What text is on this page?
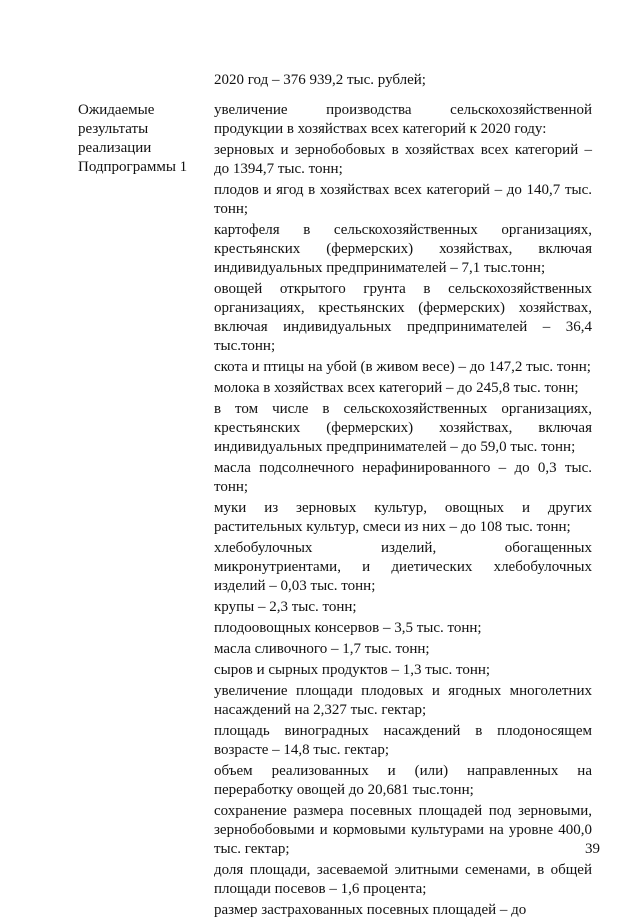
2020 год – 376 939,2 тыс. рублей;
Ожидаемые
результаты
реализации
Подпрограммы 1

увеличение производства сельскохозяйственной продукции в хозяйствах всех категорий к 2020 году:

зерновых и зернобобовых в хозяйствах всех категорий – до 1394,7 тыс. тонн;

плодов и ягод в хозяйствах всех категорий – до 140,7 тыс. тонн;

картофеля в сельскохозяйственных организациях, крестьянских (фермерских) хозяйствах, включая индивидуальных предпринимателей – 7,1 тыс.тонн;

овощей открытого грунта в сельскохозяйственных организациях, крестьянских (фермерских) хозяйствах, включая индивидуальных предпринимателей – 36,4 тыс.тонн;

скота и птицы на убой (в живом весе) – до 147,2 тыс. тонн;

молока в хозяйствах всех категорий – до 245,8 тыс. тонн;

в том числе в сельскохозяйственных организациях, крестьянских (фермерских) хозяйствах, включая индивидуальных предпринимателей – до 59,0 тыс. тонн;

масла подсолнечного нерафинированного – до 0,3 тыс. тонн;

муки из зерновых культур, овощных и других растительных культур, смеси из них – до 108 тыс. тонн;

хлебобулочных изделий, обогащенных микронутриентами, и диетических хлебобулочных изделий – 0,03 тыс. тонн;

крупы – 2,3 тыс. тонн;

плодоовощных консервов – 3,5 тыс. тонн;

масла сливочного – 1,7 тыс. тонн;

сыров и сырных продуктов – 1,3 тыс. тонн;

увеличение площади плодовых и ягодных многолетних насаждений на 2,327 тыс. гектар;

площадь виноградных насаждений в плодоносящем возрасте – 14,8 тыс. гектар;

объем реализованных и (или) направленных на переработку овощей до 20,681 тыс.тонн;

сохранение размера посевных площадей под зерновыми, зернобобовыми и кормовыми культурами на уровне 400,0 тыс. гектар;

доля площади, засеваемой элитными семенами, в общей площади посевов – 1,6 процента;

размер застрахованных посевных площадей – до

39
